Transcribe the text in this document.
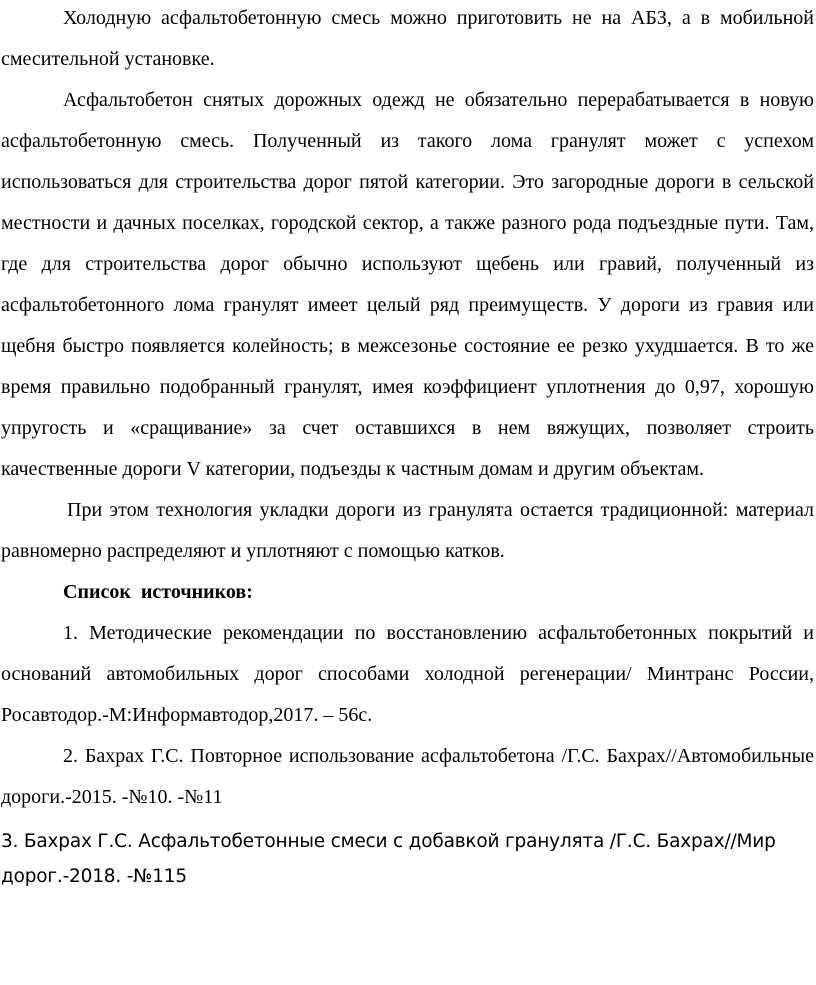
Холодную асфальтобетонную смесь можно приготовить не на АБЗ, а в мобильной смесительной установке.

Асфальтобетон снятых дорожных одежд не обязательно перерабатывается в новую асфальтобетонную смесь. Полученный из такого лома гранулят может с успехом использоваться для строительства дорог пятой категории. Это загородные дороги в сельской местности и дачных поселках, городской сектор, а также разного рода подъездные пути. Там, где для строительства дорог обычно используют щебень или гравий, полученный из асфальтобетонного лома гранулят имеет целый ряд преимуществ. У дороги из гравия или щебня быстро появляется колейность; в межсезонье состояние ее резко ухудшается. В то же время правильно подобранный гранулят, имея коэффициент уплотнения до 0,97, хорошую упругость и «сращивание» за счет оставшихся в нем вяжущих, позволяет строить качественные дороги V категории, подъезды к частным домам и другим объектам.

При этом технология укладки дороги из гранулята остается традиционной: материал равномерно распределяют и уплотняют с помощью катков.

Список  источников:

1. Методические рекомендации по восстановлению асфальтобетонных покрытий и оснований автомобильных дорог способами холодной регенерации/ Минтранс России, Росавтодор.-М:Информавтодор,2017. – 56с.

2. Бахрах Г.С. Повторное использование асфальтобетона /Г.С. Бахрах//Автомобильные дороги.-2015. -№10. -№11

3. Бахрах Г.С. Асфальтобетонные смеси с добавкой гранулята /Г.С. Бахрах//Мир дорог.-2018. -№115
